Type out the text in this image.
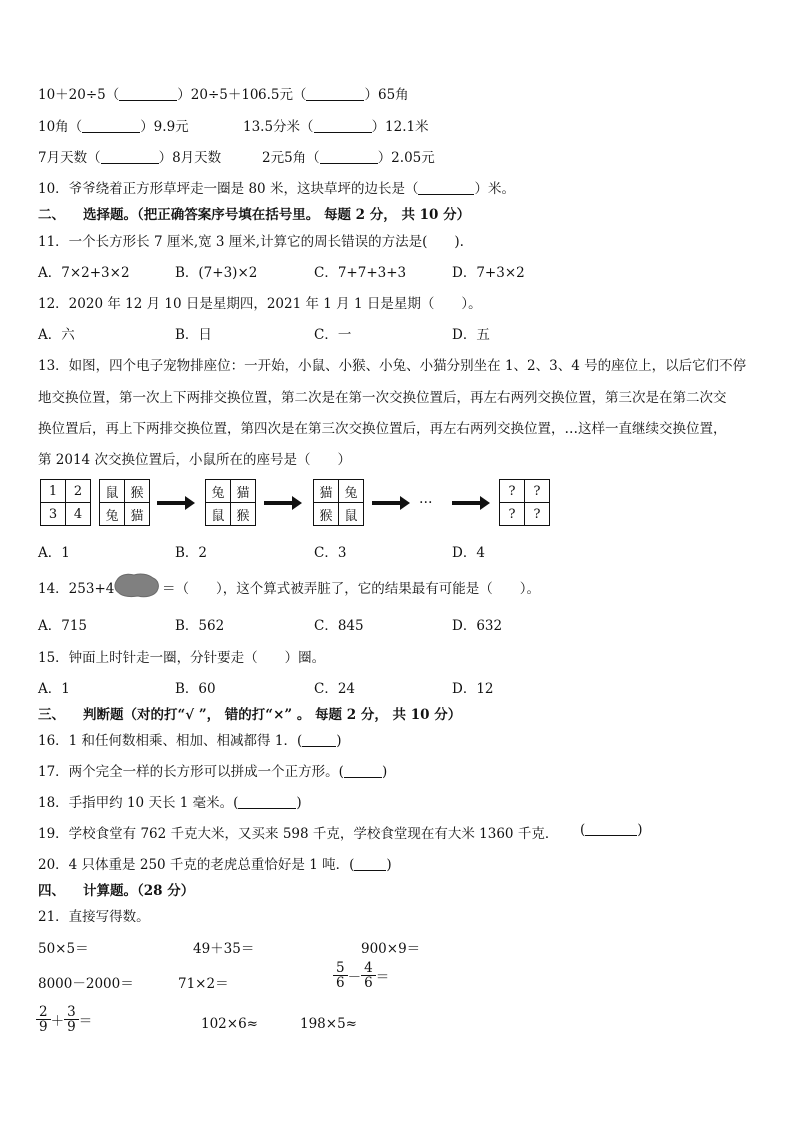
10＋20÷5（	）20÷5＋10 6.5元（	）65角
10角（	）9.9元	13.5分米（	）12.1米
7月天数（	）8月天数	2元5角（	）2.05元
10．爷爷绕着正方形草坪走一圈是 80 米，这块草坪的边长是（	）米。
二、 选择题。（把正确答案序号填在括号里。 每题 2 分， 共 10 分）
11．一个长方形长 7 厘米,宽 3 厘米,计算它的周长错误的方法是(　　).
A．7×2+3×2	B．(7+3)×2	C．7+7+3+3	D．7+3×2
12．2020 年 12 月 10 日是星期四，2021 年 1 月 1 日是星期（　　）。
A．六	B．日	C．一	D．五
13．如图，四个电子宠物排座位：一开始，小鼠、小猴、小兔、小猫分别坐在 1、2、3、4 号的座位上，以后它们不停
地交换位置，第一次上下两排交换位置，第二次是在第一次交换位置后，再左右两列交换位置，第三次是在第二次交
换位置后，再上下两排交换位置，第四次是在第三次交换位置后，再左右两列交换位置，…这样一直继续交换位置，
第 2014 次交换位置后，小鼠所在的座号是（　　）
1	2
3	4
鼠	猴
兔	猫
兔	猫
鼠	猴
猫	兔
猴	鼠
…	?	?
?	?
A．1	B．2	C．3	D．4
14．253+4	＝（　　），这个算式被弄脏了，它的结果最有可能是（　　）。
A．715	B．562	C．845	D．632
15．钟面上时针走一圈，分针要走（　　）圈。
A．1	B．60	C．24	D．12
三、 判断题（对的打“√ ”， 错的打“×” 。 每题 2 分， 共 10 分）
16．1 和任何数相乘、相加、相减都得 1．(	)
17．两个完全一样的长方形可以拼成一个正方形。(	)
18．手指甲约 10 天长 1 毫米。(	)
19．学校食堂有 762 千克大米，又买来 598 千克，学校食堂现在有大米 1360 千克． (	)
20．4 只体重是 250 千克的老虎总重恰好是 1 吨．( )
四、 计算题。（28 分）
21．直接写得数。
50×5＝	49＋35＝	900×9＝
8000－2000＝	71×2＝	$\frac{5}{6} - \frac{4}{6}$ ＝
$\frac{2}{9} + \frac{3}{9}$ ＝	102×6≈	198×5≈
